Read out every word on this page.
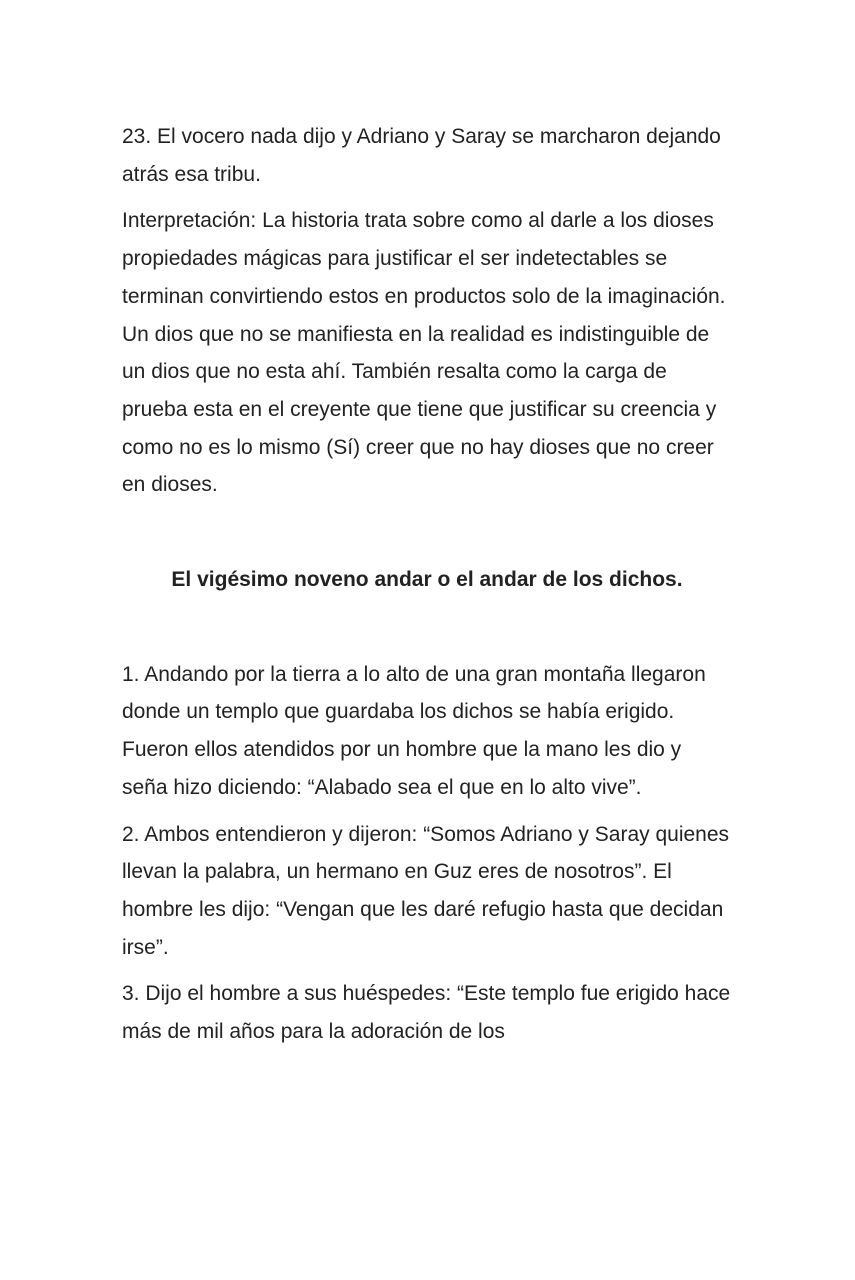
23. El vocero nada dijo y Adriano y Saray se marcharon dejando atrás esa tribu.

Interpretación: La historia trata sobre como al darle a los dioses propiedades mágicas para justificar el ser indetectables se terminan convirtiendo estos en productos solo de la imaginación. Un dios que no se manifiesta en la realidad es indistinguible de un dios que no esta ahí. También resalta como la carga de prueba esta en el creyente que tiene que justificar su creencia y como no es lo mismo (Sí) creer que no hay dioses que no creer en dioses.

El vigésimo noveno andar o el andar de los dichos.

1. Andando por la tierra a lo alto de una gran montaña llegaron donde un templo que guardaba los dichos se había erigido. Fueron ellos atendidos por un hombre que la mano les dio y seña hizo diciendo: “Alabado sea el que en lo alto vive”.

2. Ambos entendieron y dijeron: “Somos Adriano y Saray quienes llevan la palabra, un hermano en Guz eres de nosotros”. El hombre les dijo: “Vengan que les daré refugio hasta que decidan irse”.

3. Dijo el hombre a sus huéspedes: “Este templo fue erigido hace más de mil años para la adoración de los
